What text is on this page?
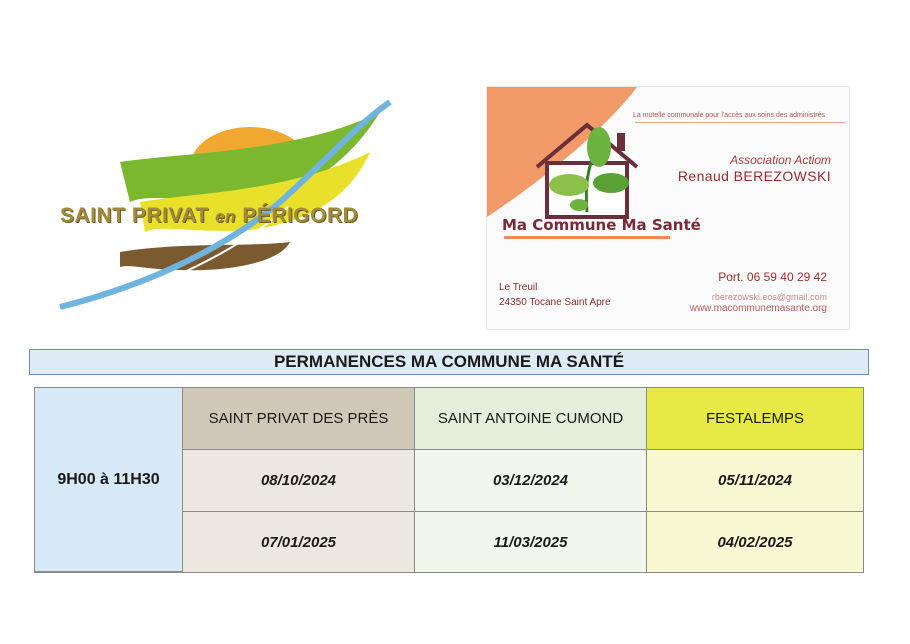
SAINT PRIVAT en PÉRIGORD
La mutelle communale pour l'accès aux soins des administrés
Association Actiom
Renaud BEREZOWSKI
Ma Commune Ma Santé
Port. 06 59 40 29 42
Le Treuil
24350 Tocane Saint Apre	rberezowski.eos@gmail.com
www.macommunemasante.org
PERMANENCES MA COMMUNE MA SANTÉ
9H00 à 11H30
SAINT PRIVAT DES PRÈS	SAINT ANTOINE CUMOND	FESTALEMPS
08/10/2024	03/12/2024	05/11/2024
07/01/2025	11/03/2025	04/02/2025
